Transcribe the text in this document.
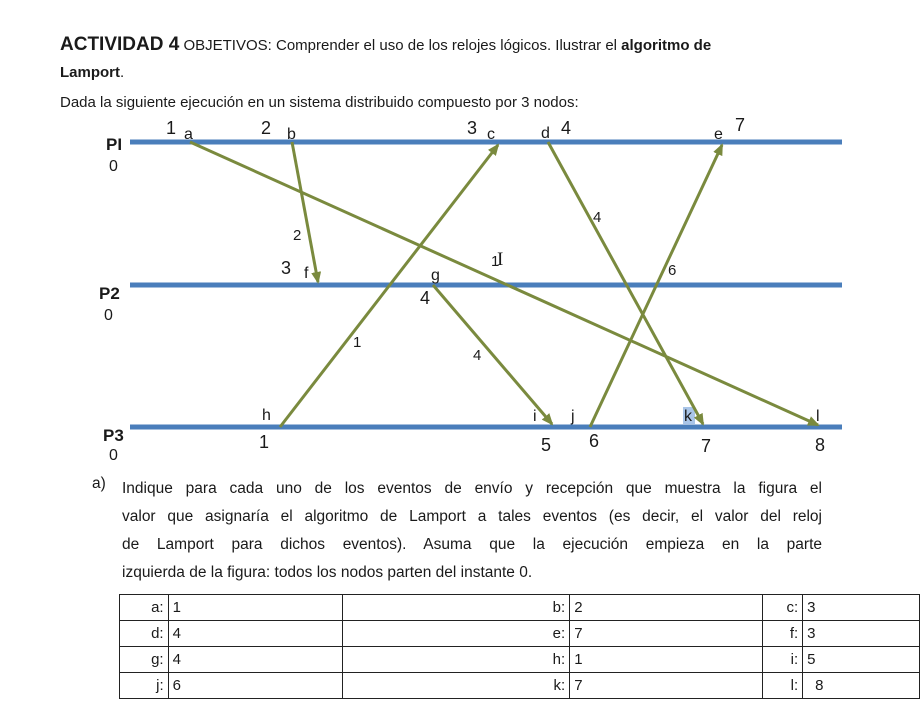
ACTIVIDAD 4 OBJETIVOS: Comprender el uso de los relojes lógicos. Ilustrar el algoritmo de
Lamport.
Dada la siguiente ejecución en un sistema distribuido compuesto por 3 nodos:
PI
0
P2
0
P3
0
a	b	c	d	e
f	g
h	i j	k	l
1	2	3	4	7
3
4
1	5 6	7	8
2
1
4
6
1
4
I
a) Indique para cada uno de los eventos de envío y recepción que muestra la figura el
valor que asignaría el algoritmo de Lamport a tales eventos (es decir, el valor del reloj
de Lamport para dichos eventos). Asuma que la ejecución empieza en la parte
izquierda de la figura: todos los nodos parten del instante 0.
a:	1	b:	2	c:	3
d:	4	e:	7	f:	3
g:	4	h:	1	i:	5
j:	6	k:	7	l:	8
